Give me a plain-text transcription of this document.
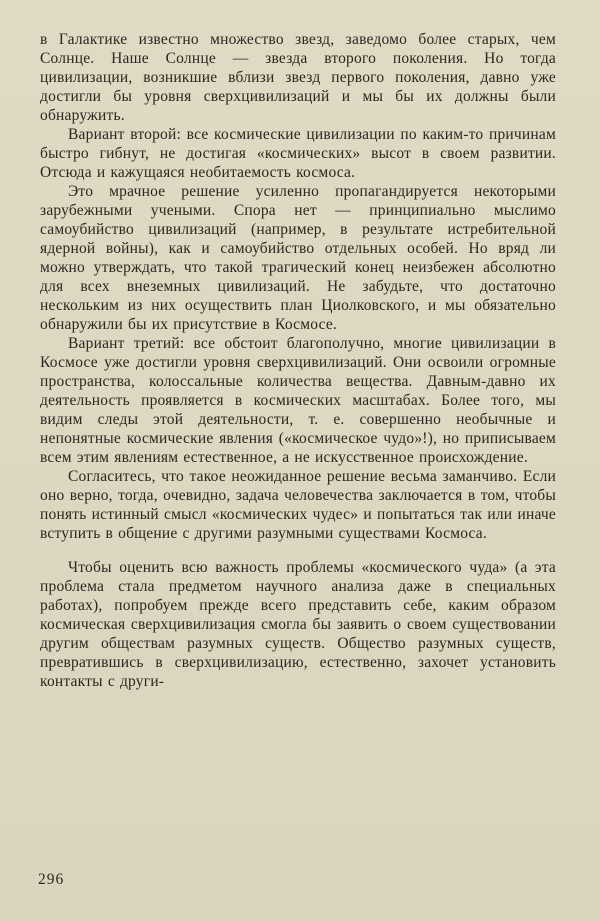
в Галактике известно множество звезд, заведомо более старых, чем Солнце. Наше Солнце — звезда второго поколения. Но тогда цивилизации, возникшие вблизи звезд первого поколения, давно уже достигли бы уровня сверхцивилизаций и мы бы их должны были обнаружить.

Вариант второй: все космические цивилизации по каким-то причинам быстро гибнут, не достигая «космических» высот в своем развитии. Отсюда и кажущаяся необитаемость космоса.

Это мрачное решение усиленно пропагандируется некоторыми зарубежными учеными. Спора нет — принципиально мыслимо самоубийство цивилизаций (например, в результате истребительной ядерной войны), как и самоубийство отдельных особей. Но вряд ли можно утверждать, что такой трагический конец неизбежен абсолютно для всех внеземных цивилизаций. Не забудьте, что достаточно нескольким из них осуществить план Циолковского, и мы обязательно обнаружили бы их присутствие в Космосе.

Вариант третий: все обстоит благополучно, многие цивилизации в Космосе уже достигли уровня сверхцивилизаций. Они освоили огромные пространства, колоссальные количества вещества. Давным-давно их деятельность проявляется в космических масштабах. Более того, мы видим следы этой деятельности, т. е. совершенно необычные и непонятные космические явления («космическое чудо»!), но приписываем всем этим явлениям естественное, а не искусственное происхождение.

Согласитесь, что такое неожиданное решение весьма заманчиво. Если оно верно, тогда, очевидно, задача человечества заключается в том, чтобы понять истинный смысл «космических чудес» и попытаться так или иначе вступить в общение с другими разумными существами Космоса.

Чтобы оценить всю важность проблемы «космического чуда» (а эта проблема стала предметом научного анализа даже в специальных работах), попробуем прежде всего представить себе, каким образом космическая сверхцивилизация смогла бы заявить о своем существовании другим обществам разумных существ. Общество разумных существ, превратившись в сверхцивилизацию, естественно, захочет установить контакты с други-

296
